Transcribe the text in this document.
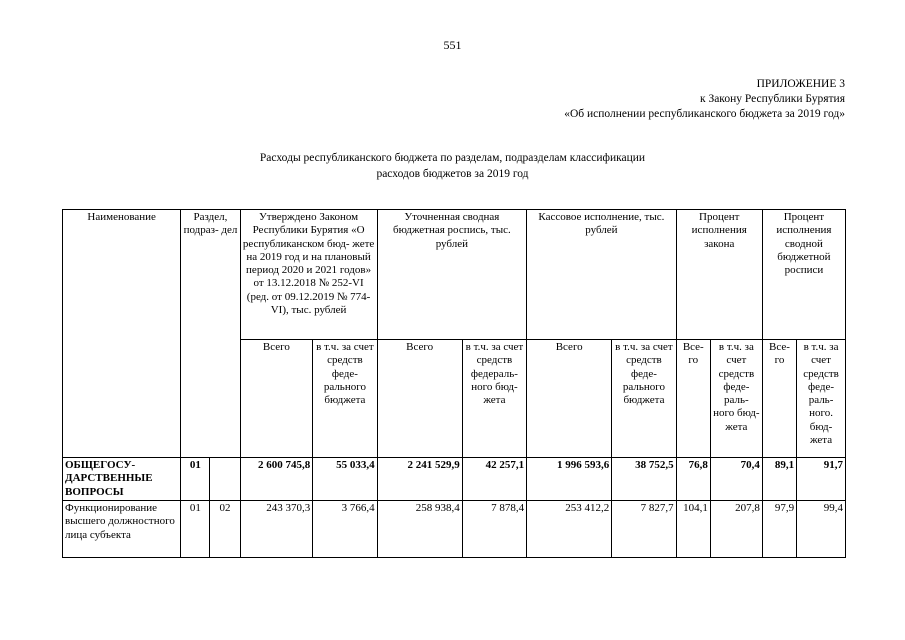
551
ПРИЛОЖЕНИЕ 3
к Закону Республики Бурятия
«Об исполнении республиканского бюджета за 2019 год»
Расходы республиканского бюджета по разделам, подразделам классификации
расходов бюджетов за 2019 год
Наименование	Раздел, подраз- дел		Утверждено Законом Республики Бурятия «О республиканском бюд- жете на 2019 год и на плановый период 2020 и 2021 годов» от 13.12.2018 № 252-VI (ред. от 09.12.2019 № 774-VI), тыс. рублей		Уточненная сводная бюджетная роспись, тыс. рублей		Кассовое исполнение, тыс. рублей		Процент исполнения закона		Процент исполнения сводной бюджетной росписи	
			Всего	в т.ч. за счет средств феде- рального бюджета	Всего	в т.ч. за счет средств федераль- ного бюд- жета	Всего	в т.ч. за счет средств феде- рального бюджета	Все- го	в т.ч. за счет средств феде- раль- ного бюд- жета	Все- го	в т.ч. за счет средств феде- раль- ного. бюд- жета
ОБЩЕГОСУ- ДАРСТВЕННЫЕ ВОПРОСЫ	01		2 600 745,8	55 033,4	2 241 529,9	42 257,1	1 996 593,6	38 752,5	76,8	70,4	89,1	91,7
Функционирование высшего должностного лица субъекта	01	02	243 370,3	3 766,4	258 938,4	7 878,4	253 412,2	7 827,7	104,1	207,8	97,9	99,4
